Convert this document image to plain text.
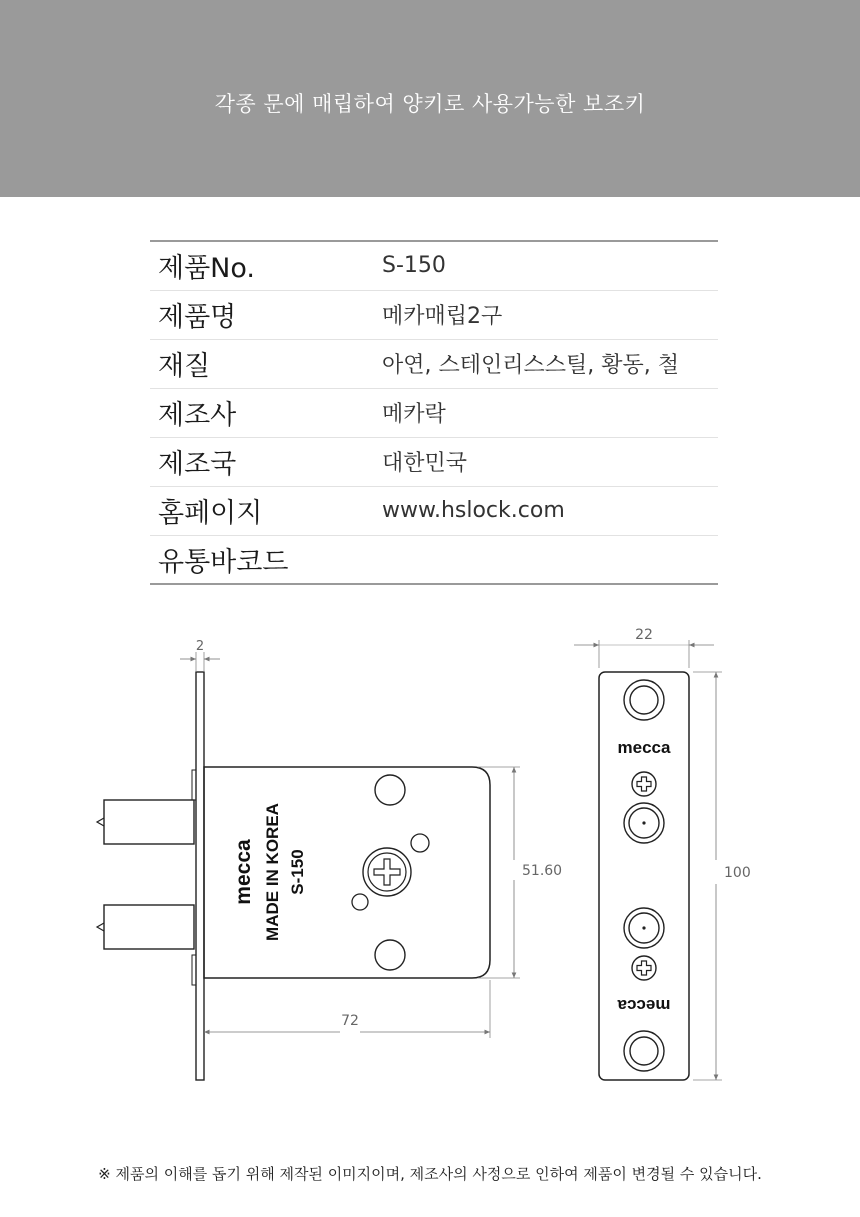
각종 문에 매립하여 양키로 사용가능한 보조키
제품No.	S-150
제품명	메카매립2구
재질	아연, 스테인리스스틸, 황동, 철
제조사	메카락
제조국	대한민국
홈페이지	www.hslock.com
유통바코드	
mecca MADE IN KOREA S-150
2
72
51.60
mecca
mecca
22
100
※ 제품의 이해를 돕기 위해 제작된 이미지이며, 제조사의 사정으로 인하여 제품이 변경될 수 있습니다.
